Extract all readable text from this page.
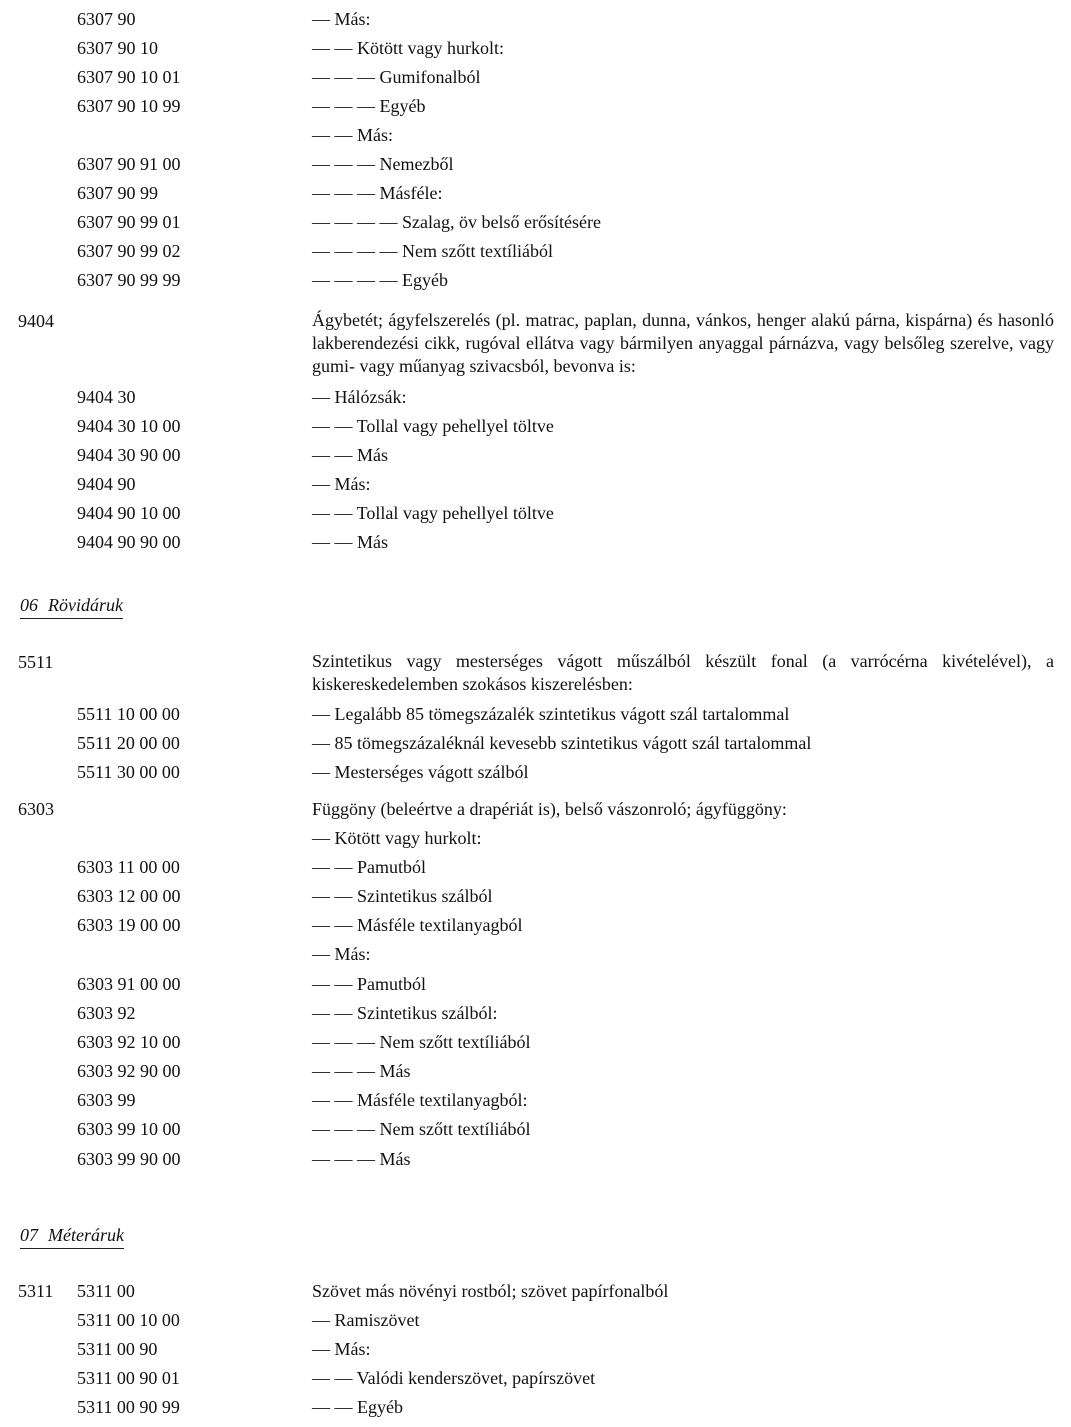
6307 90	— Más:
6307 90 10	— — Kötött vagy hurkolt:
6307 90 10 01	— — — Gumifonalból
6307 90 10 99	— — — Egyéb
— — Más:
6307 90 91 00	— — — Nemezből
6307 90 99	— — — Másféle:
6307 90 99 01	— — — — Szalag, öv belső erősítésére
6307 90 99 02	— — — — Nem szőtt textíliából
6307 90 99 99	— — — — Egyéb
9404	Ágybetét; ágyfelszerelés (pl. matrac, paplan, dunna, vánkos, henger alakú párna, kispárna) és hasonló lakberendezési cikk, rugóval ellátva vagy bármilyen anyaggal párnázva, vagy belsőleg szerelve, vagy gumi- vagy műanyag szivacsból, bevonva is:
9404 30	— Hálózsák:
9404 30 10 00	— — Tollal vagy pehellyel töltve
9404 30 90 00	— — Más
9404 90	— Más:
9404 90 10 00	— — Tollal vagy pehellyel töltve
9404 90 90 00	— — Más
06 Rövidáruk
5511	Szintetikus vagy mesterséges vágott műszálból készült fonal (a varrócérna kivételével), a kiskereskedelemben szokásos kiszerelésben:
5511 10 00 00	— Legalább 85 tömegszázalék szintetikus vágott szál tartalommal
5511 20 00 00	— 85 tömegszázaléknál kevesebb szintetikus vágott szál tartalommal
5511 30 00 00	— Mesterséges vágott szálból
6303	Függöny (beleértve a drapériát is), belső vászonroló; ágyfüggöny:
— Kötött vagy hurkolt:
6303 11 00 00	— — Pamutból
6303 12 00 00	— — Szintetikus szálból
6303 19 00 00	— — Másféle textilanyagból
— Más:
6303 91 00 00	— — Pamutból
6303 92	— — Szintetikus szálból:
6303 92 10 00	— — — Nem szőtt textíliából
6303 92 90 00	— — — Más
6303 99	— — Másféle textilanyagból:
6303 99 10 00	— — — Nem szőtt textíliából
6303 99 90 00	— — — Más
07 Méteráruk
5311 5311 00	Szövet más növényi rostból; szövet papírfonalból
5311 00 10 00	— Ramiszövet
5311 00 90	— Más:
5311 00 90 01	— — Valódi kenderszövet, papírszövet
5311 00 90 99	— — Egyéb
